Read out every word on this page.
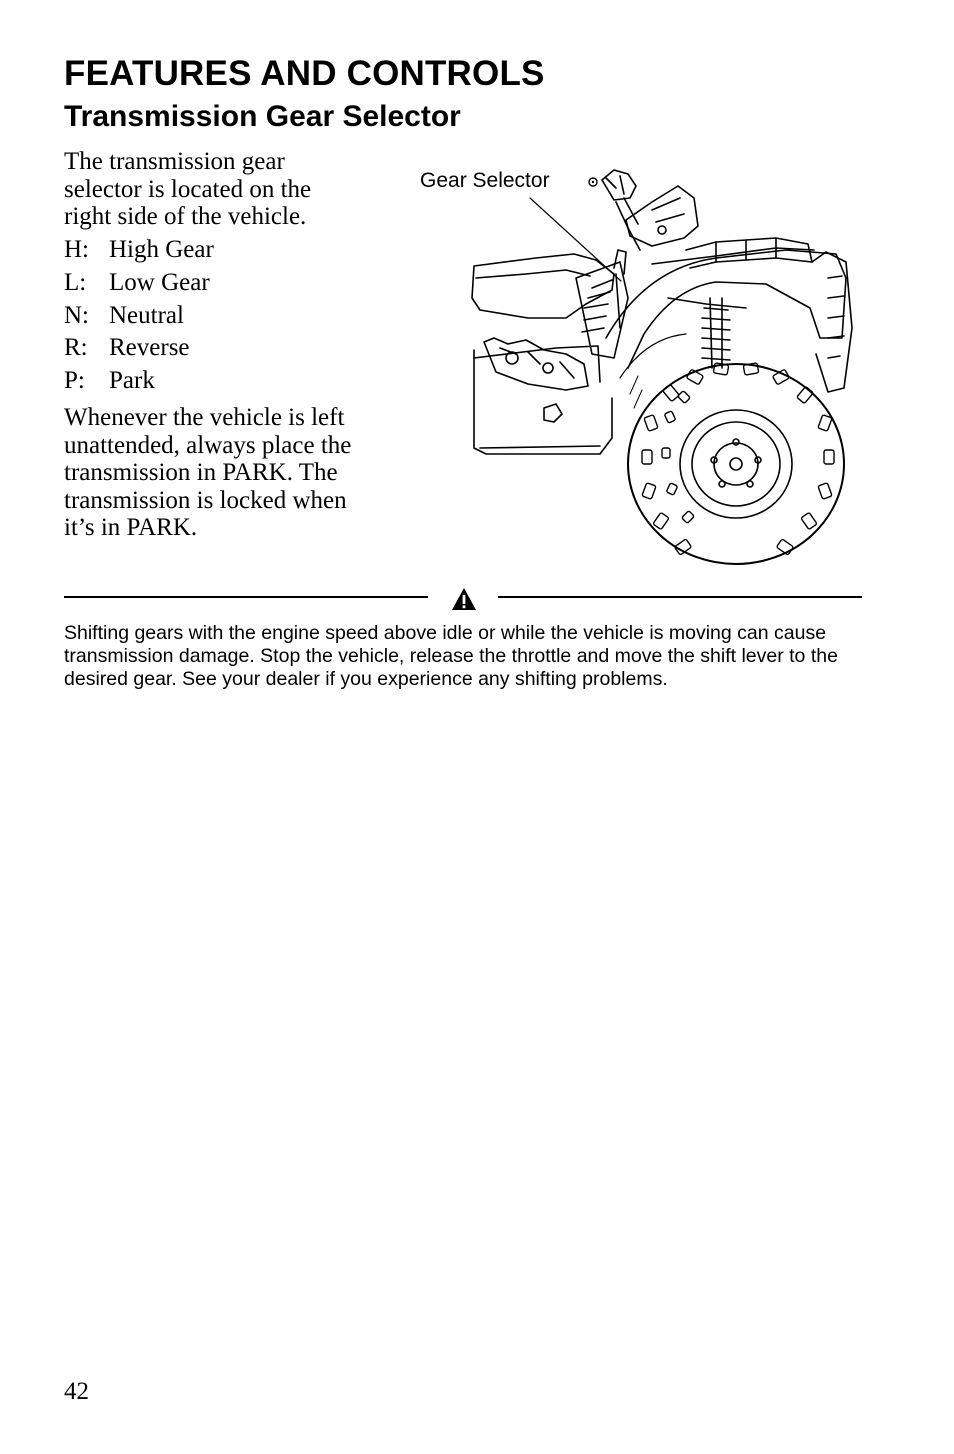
FEATURES AND CONTROLS
Transmission Gear Selector

The transmission gear selector is located on the right side of the vehicle.

H: High Gear
L: Low Gear
N: Neutral
R: Reverse
P: Park

Whenever the vehicle is left unattended, always place the transmission in PARK. The transmission is locked when it’s in PARK.

Gear Selector

Shifting gears with the engine speed above idle or while the vehicle is moving can cause transmission damage. Stop the vehicle, release the throttle and move the shift lever to the desired gear. See your dealer if you experience any shifting problems.

42
